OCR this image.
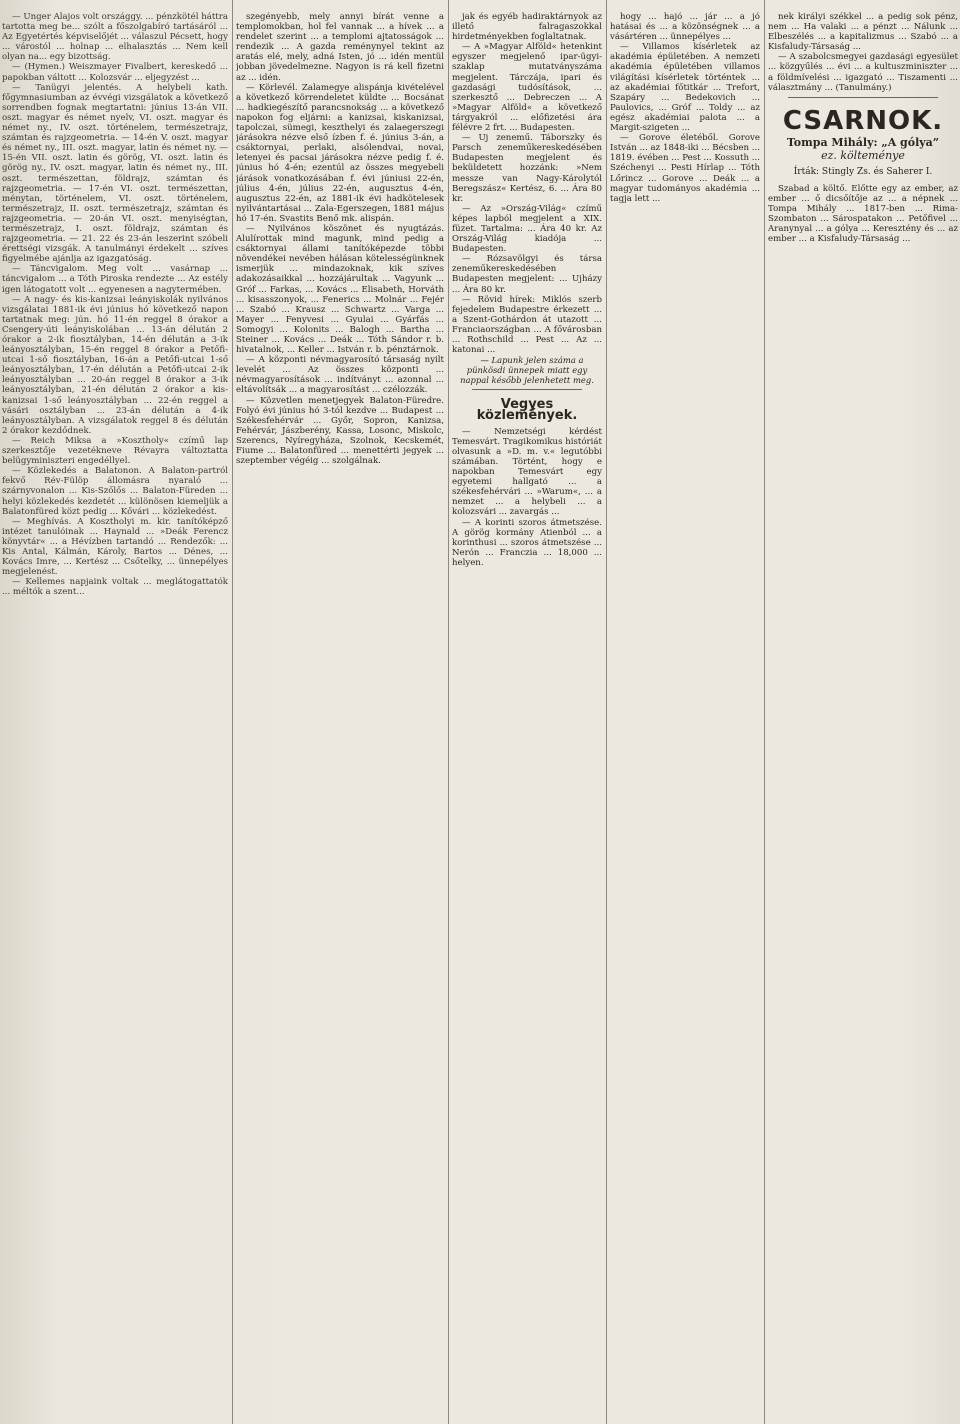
— Unger Alajos volt országgy. ... pénzkötél háttra tartotta meg be... szólt a főszolgabíró tartásáról ... Az Egyetértés képviselőjét ... válaszul Pécsett, hogy ... várostól ... holnap ... elhalasztás ... Nem kell olyan na... egy bizottság.

— (Hymen.) Weiszmayer Fivalbert, kereskedő ... papokban váltott ... Kolozsvár ... eljegyzést ...

— Tanügyi jelentés. A helybeli kath. főgymnasiumban az évvégi vizsgálatok a következő sorrendben fognak megtartatni: június 13-án VII. oszt. magyar és német nyelv, VI. oszt. magyar és német ny., IV. oszt. történelem, természetrajz, számtan és rajzgeometria. — 14-én V. oszt. magyar és német ny., III. oszt. magyar, latin és német ny. — 15-én VII. oszt. latin és görög, VI. oszt. latin és görög ny., IV. oszt. magyar, latin és német ny., III. oszt. természettan, földrajz, számtan és rajzgeometria. — 17-én VI. oszt. természettan, ménytan, történelem, VI. oszt. történelem, természetrajz, II. oszt. természetrajz, számtan és rajzgeometria. — 20-án VI. oszt. menyiségtan, természetrajz, I. oszt. földrajz, számtan és rajzgeometria. — 21. 22 és 23-án leszerint szóbeli érettségi vizsgák. A tanulmányi érdekelt ... szíves figyelmébe ajánlja az igazgatóság.

— Táncvigalom. Meg volt ... vasárnap ... táncvigalom ... a Tóth Piroska rendezte ... Az estély igen látogatott volt ... egyenesen a nagytermében.

— A nagy- és kis-kanizsai leányiskolák nyilvános vizsgálatai 1881-ik évi június hó következő napon tartatnak meg: jún. hó 11-én reggel 8 órakor a Csengery-úti leányiskolában ... 13-án délután 2 órakor a 2-ik fiosztályban, 14-én délután a 3-ik leányosztályban, 15-én reggel 8 órakor a Petőfi-utcai 1-ső fiosztályban, 16-án a Petőfi-utcai 1-ső leányosztályban, 17-én délután a Petőfi-utcai 2-ik leányosztályban ... 20-án reggel 8 órakor a 3-ik leányosztályban, 21-én délután 2 órakor a kis-kanizsai 1-ső leányosztályban ... 22-én reggel a vásári osztályban ... 23-án délután a 4-ik leányosztályban. A vizsgálatok reggel 8 és délután 2 órakor kezdődnek.

— Reich Miksa a »Kosztholy« czímű lap szerkesztője vezetékneve Révayra változtatta belügyminiszteri engedéllyel.

— Közlekedés a Balatonon. A Balaton-partról fekvő Rév-Fülöp állomásra nyaraló ... szárnyvonalon ... Kis-Szőlős ... Balaton-Füreden ... helyi közlekedés kezdetét ... különösen kiemeljük a Balatonfüred közt pedig ... Kővári ... közlekedést.

— Meghívás. A Kosztholyi m. kir. tanítóképző intézet tanulóinak ... Haynald ... »Deák Ferencz könyvtár« ... a Hévízben tartandó ... Rendezők: ... Kis Antal, Kálmán, Károly, Bartos ... Dénes, ... Kovács Imre, ... Kertész ... Csőtelky, ... ünnepélyes megjelenést.

— Kellemes napjaink voltak ... meglátogattatók ... méltók a szent...

szegényebb, mely annyi bírát venne a templomokban, hol fel vannak ... a hívek ... a rendelet szerint ... a templomi ajtatosságok ... rendezik ... A gazda reménynyel tekint az aratás elé, mely, adná Isten, jó ... idén mentül jobban jövedelmezne. Nagyon is rá kell fizetni az ... idén.

— Körlevél. Zalamegye alispánja kivételével a következő körrendeletet küldte ... Bocsánat ... hadkiegészítő parancsnokság ... a következő napokon fog eljárni: a kanizsai, kiskanizsai, tapolczai, sümegi, keszthelyi és zalaegerszegi járásokra nézve első ízben f. é. június 3-án, a csáktornyai, perlaki, alsólendvai, novai, letenyei és pacsai járásokra nézve pedig f. é. június hó 4-én; ezentúl az összes megyebeli járások vonatkozásában f. évi júniusi 22-én, július 4-én, július 22-én, augusztus 4-én, augusztus 22-én, az 1881-ik évi hadkötelesek nyilvántartásai ... Zala-Egerszegen, 1881 május hó 17-én. Svastits Benő mk. alispán.

— Nyilvános köszönet és nyugtázás. Alulírottak mind magunk, mind pedig a csáktornyai állami tanítóképezde többi növendékei nevében hálásan kötelességünknek ismerjük ... mindazoknak, kik szíves adakozásaikkal ... hozzájárultak ... Vagyunk ... Gróf ... Farkas, ... Kovács ... Elisabeth, Horváth ... kisasszonyok, ... Fenerics ... Molnár ... Fejér ... Szabó ... Krausz ... Schwartz ... Varga ... Mayer ... Fenyvesi ... Gyulai ... Gyárfás ... Somogyi ... Kolonits ... Balogh ... Bartha ... Steiner ... Kovács ... Deák ... Tóth Sándor r. b. hivatalnok, ... Keller ... István r. b. pénztárnok.

— A központi névmagyarosító társaság nyilt levelét ... Az összes központi ... névmagyarosítások ... indítványt ... azonnal ... eltávolítsák ... a magyarosítást ... czélozzák.

— Közvetlen menetjegyek Balaton-Füredre. Folyó évi június hó 3-tól kezdve ... Budapest ... Székesfehérvár ... Győr, Sopron, Kanizsa, Fehérvár, Jászberény, Kassa, Losonc, Miskolc, Szerencs, Nyíregyháza, Szolnok, Kecskemét, Fiume ... Balatonfüred ... menettérti jegyek ... szeptember végéig ... szolgálnak.

jak és egyéb hadiraktárnyok az illető falragaszokkal hirdetményekben foglaltatnak.

— A »Magyar Alföld« hetenkint egyszer megjelenő ipar-ügyi-szaklap mutatványszáma megjelent. Tárczája, ipari és gazdasági tudósítások, ... szerkesztő ... Debreczen ... A »Magyar Alföld« a következő tárgyakról ... előfizetési ára félévre 2 frt. ... Budapesten.

— Uj zenemű. Táborszky és Parsch zeneműkereskedésében Budapesten megjelent és beküldetett hozzánk: »Nem messze van Nagy-Károlytól Beregszász« Kertész, 6. ... Ára 80 kr.

— Az »Ország-Világ« czímű képes lapból megjelent a XIX. füzet. Tartalma: ... Ára 40 kr. Az Ország-Világ kiadója ... Budapesten.

— Rózsavölgyi és társa zeneműkereskedésében Budapesten megjelent: ... Ujházy ... Ára 80 kr.

— Rövid hírek: Miklós szerb fejedelem Budapestre érkezett ... a Szent-Gothárdon át utazott ... Franciaországban ... A fővárosban ... Rothschild ... Pest ... Az ... katonai ...

— Lapunk jelen száma a pünkösdi ünnepek miatt egy nappal később jelenhetett meg.

Vegyes közlemények.

— Nemzetségi kérdést Temesvárt. Tragikomikus históriát olvasunk a »D. m. v.« legutóbbi számában. Történt, hogy e napokban Temesvárt egy egyetemi hallgató ... a székesfehérvári ... »Warum«, ... a nemzet ... a helybeli ... a kolozsvári ... zavargás ...

— A korinti szoros átmetszése. A görög kormány Atienból ... a korinthusi ... szoros átmetszése ... Nerón ... Franczia ... 18,000 ... helyen.

hogy ... hajó ... jár ... a jó hatásai és ... a közönségnek ... a vásártéren ... ünnepélyes ...

— Villamos kísérletek az akadémia épületében. A nemzeti akadémia épületében villamos világítási kísérletek történtek ... az akadémiai főtitkár ... Trefort, Szapáry ... Bedekovich ... Paulovics, ... Gróf ... Toldy ... az egész akadémiai palota ... a Margit-szigeten ...

— Gorove életéből. Gorove István ... az 1848-iki ... Bécsben ... 1819. évében ... Pest ... Kossuth ... Széchenyi ... Pesti Hírlap ... Tóth Lőrincz ... Gorove ... Deák ... a magyar tudományos akadémia ... tagja lett ...

nek királyi székkel ... a pedig sok pénz, nem ... Ha valaki ... a pénzt ... Nálunk ... Elbeszélés ... a kapitalizmus ... Szabó ... a Kisfaludy-Társaság ...

— A szabolcsmegyei gazdasági egyesület ... közgyűlés ... évi ... a kultuszminiszter ... a földmívelési ... igazgató ... Tiszamenti ... választmány ... (Tanulmány.)

CSARNOK.
Tompa Mihály: „A gólya”
ez. költeménye
Írták: Stingly Zs. és Saherer I.

Szabad a költő. Előtte egy az ember, az ember ... ő dicsőítője az ... a népnek ... Tompa Mihály ... 1817-ben ... Rima-Szombaton ... Sárospatakon ... Petőfivel ... Aranynyal ... a gólya ... Keresztény és ... az ember ... a Kisfaludy-Társaság ...
